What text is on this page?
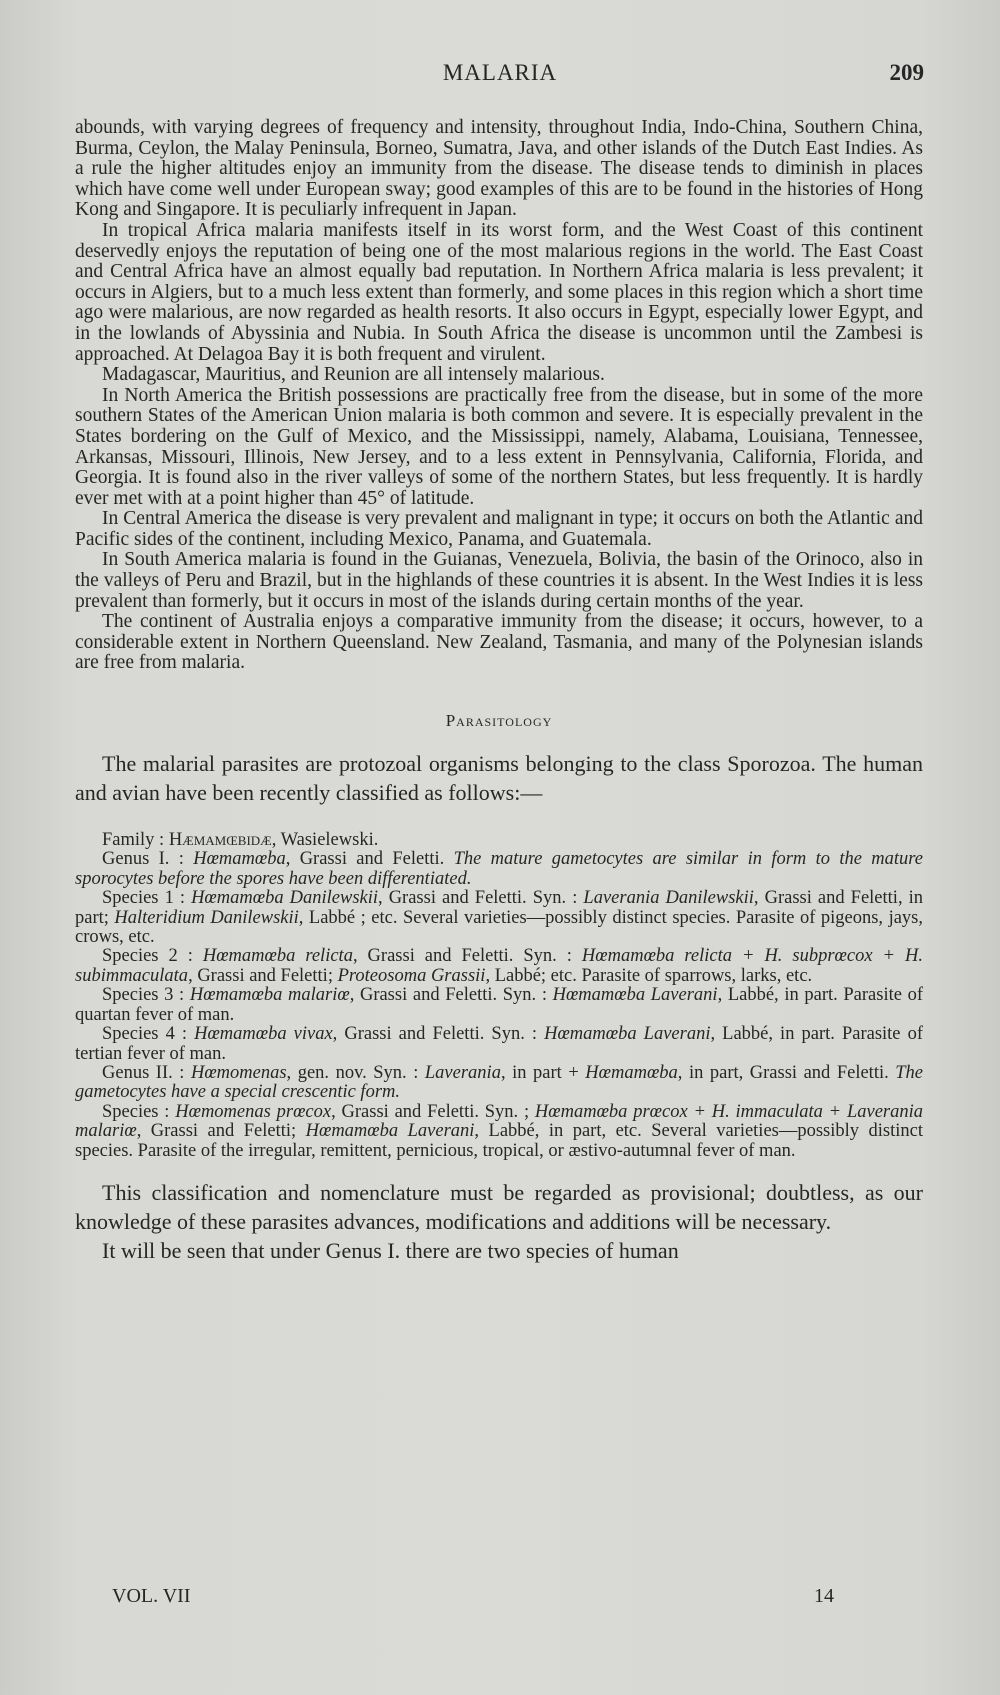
MALARIA	209

abounds, with varying degrees of frequency and intensity, throughout India, Indo-China, Southern China, Burma, Ceylon, the Malay Peninsula, Borneo, Sumatra, Java, and other islands of the Dutch East Indies. As a rule the higher altitudes enjoy an immunity from the disease. The disease tends to diminish in places which have come well under European sway; good examples of this are to be found in the histories of Hong Kong and Singapore. It is peculiarly infrequent in Japan.

In tropical Africa malaria manifests itself in its worst form, and the West Coast of this continent deservedly enjoys the reputation of being one of the most malarious regions in the world. The East Coast and Central Africa have an almost equally bad reputation. In Northern Africa malaria is less prevalent; it occurs in Algiers, but to a much less extent than formerly, and some places in this region which a short time ago were malarious, are now regarded as health resorts. It also occurs in Egypt, especially lower Egypt, and in the lowlands of Abyssinia and Nubia. In South Africa the disease is uncommon until the Zambesi is approached. At Delagoa Bay it is both frequent and virulent.

Madagascar, Mauritius, and Reunion are all intensely malarious.

In North America the British possessions are practically free from the disease, but in some of the more southern States of the American Union malaria is both common and severe. It is especially prevalent in the States bordering on the Gulf of Mexico, and the Mississippi, namely, Alabama, Louisiana, Tennessee, Arkansas, Missouri, Illinois, New Jersey, and to a less extent in Pennsylvania, California, Florida, and Georgia. It is found also in the river valleys of some of the northern States, but less frequently. It is hardly ever met with at a point higher than 45° of latitude.

In Central America the disease is very prevalent and malignant in type; it occurs on both the Atlantic and Pacific sides of the continent, including Mexico, Panama, and Guatemala.

In South America malaria is found in the Guianas, Venezuela, Bolivia, the basin of the Orinoco, also in the valleys of Peru and Brazil, but in the highlands of these countries it is absent. In the West Indies it is less prevalent than formerly, but it occurs in most of the islands during certain months of the year.

The continent of Australia enjoys a comparative immunity from the disease; it occurs, however, to a considerable extent in Northern Queensland. New Zealand, Tasmania, and many of the Polynesian islands are free from malaria.

Parasitology

The malarial parasites are protozoal organisms belonging to the class Sporozoa. The human and avian have been recently classified as follows:—

Family : Hæmamœbidæ, Wasielewski.

Genus I. : Hœmamœba, Grassi and Feletti. The mature gametocytes are similar in form to the mature sporocytes before the spores have been differentiated.

Species 1 : Hœmamœba Danilewskii, Grassi and Feletti. Syn. : Laverania Danilewskii, Grassi and Feletti, in part; Halteridium Danilewskii, Labbé ; etc. Several varieties—possibly distinct species. Parasite of pigeons, jays, crows, etc.

Species 2 : Hœmamœba relicta, Grassi and Feletti. Syn. : Hœmamœba relicta + H. subprœcox + H. subimmaculata, Grassi and Feletti; Proteosoma Grassii, Labbé; etc. Parasite of sparrows, larks, etc.

Species 3 : Hœmamœba malariœ, Grassi and Feletti. Syn. : Hœmamœba Laverani, Labbé, in part. Parasite of quartan fever of man.

Species 4 : Hœmamœba vivax, Grassi and Feletti. Syn. : Hœmamœba Laverani, Labbé, in part. Parasite of tertian fever of man.

Genus II. : Hœmomenas, gen. nov. Syn. : Laverania, in part + Hœmamœba, in part, Grassi and Feletti. The gametocytes have a special crescentic form.

Species : Hœmomenas prœcox, Grassi and Feletti. Syn. ; Hœmamœba prœcox + H. immaculata + Laverania malariœ, Grassi and Feletti; Hœmamœba Laverani, Labbé, in part, etc. Several varieties—possibly distinct species. Parasite of the irregular, remittent, pernicious, tropical, or æstivo-autumnal fever of man.

This classification and nomenclature must be regarded as provisional; doubtless, as our knowledge of these parasites advances, modifications and additions will be necessary.

It will be seen that under Genus I. there are two species of human

VOL. VII	14
